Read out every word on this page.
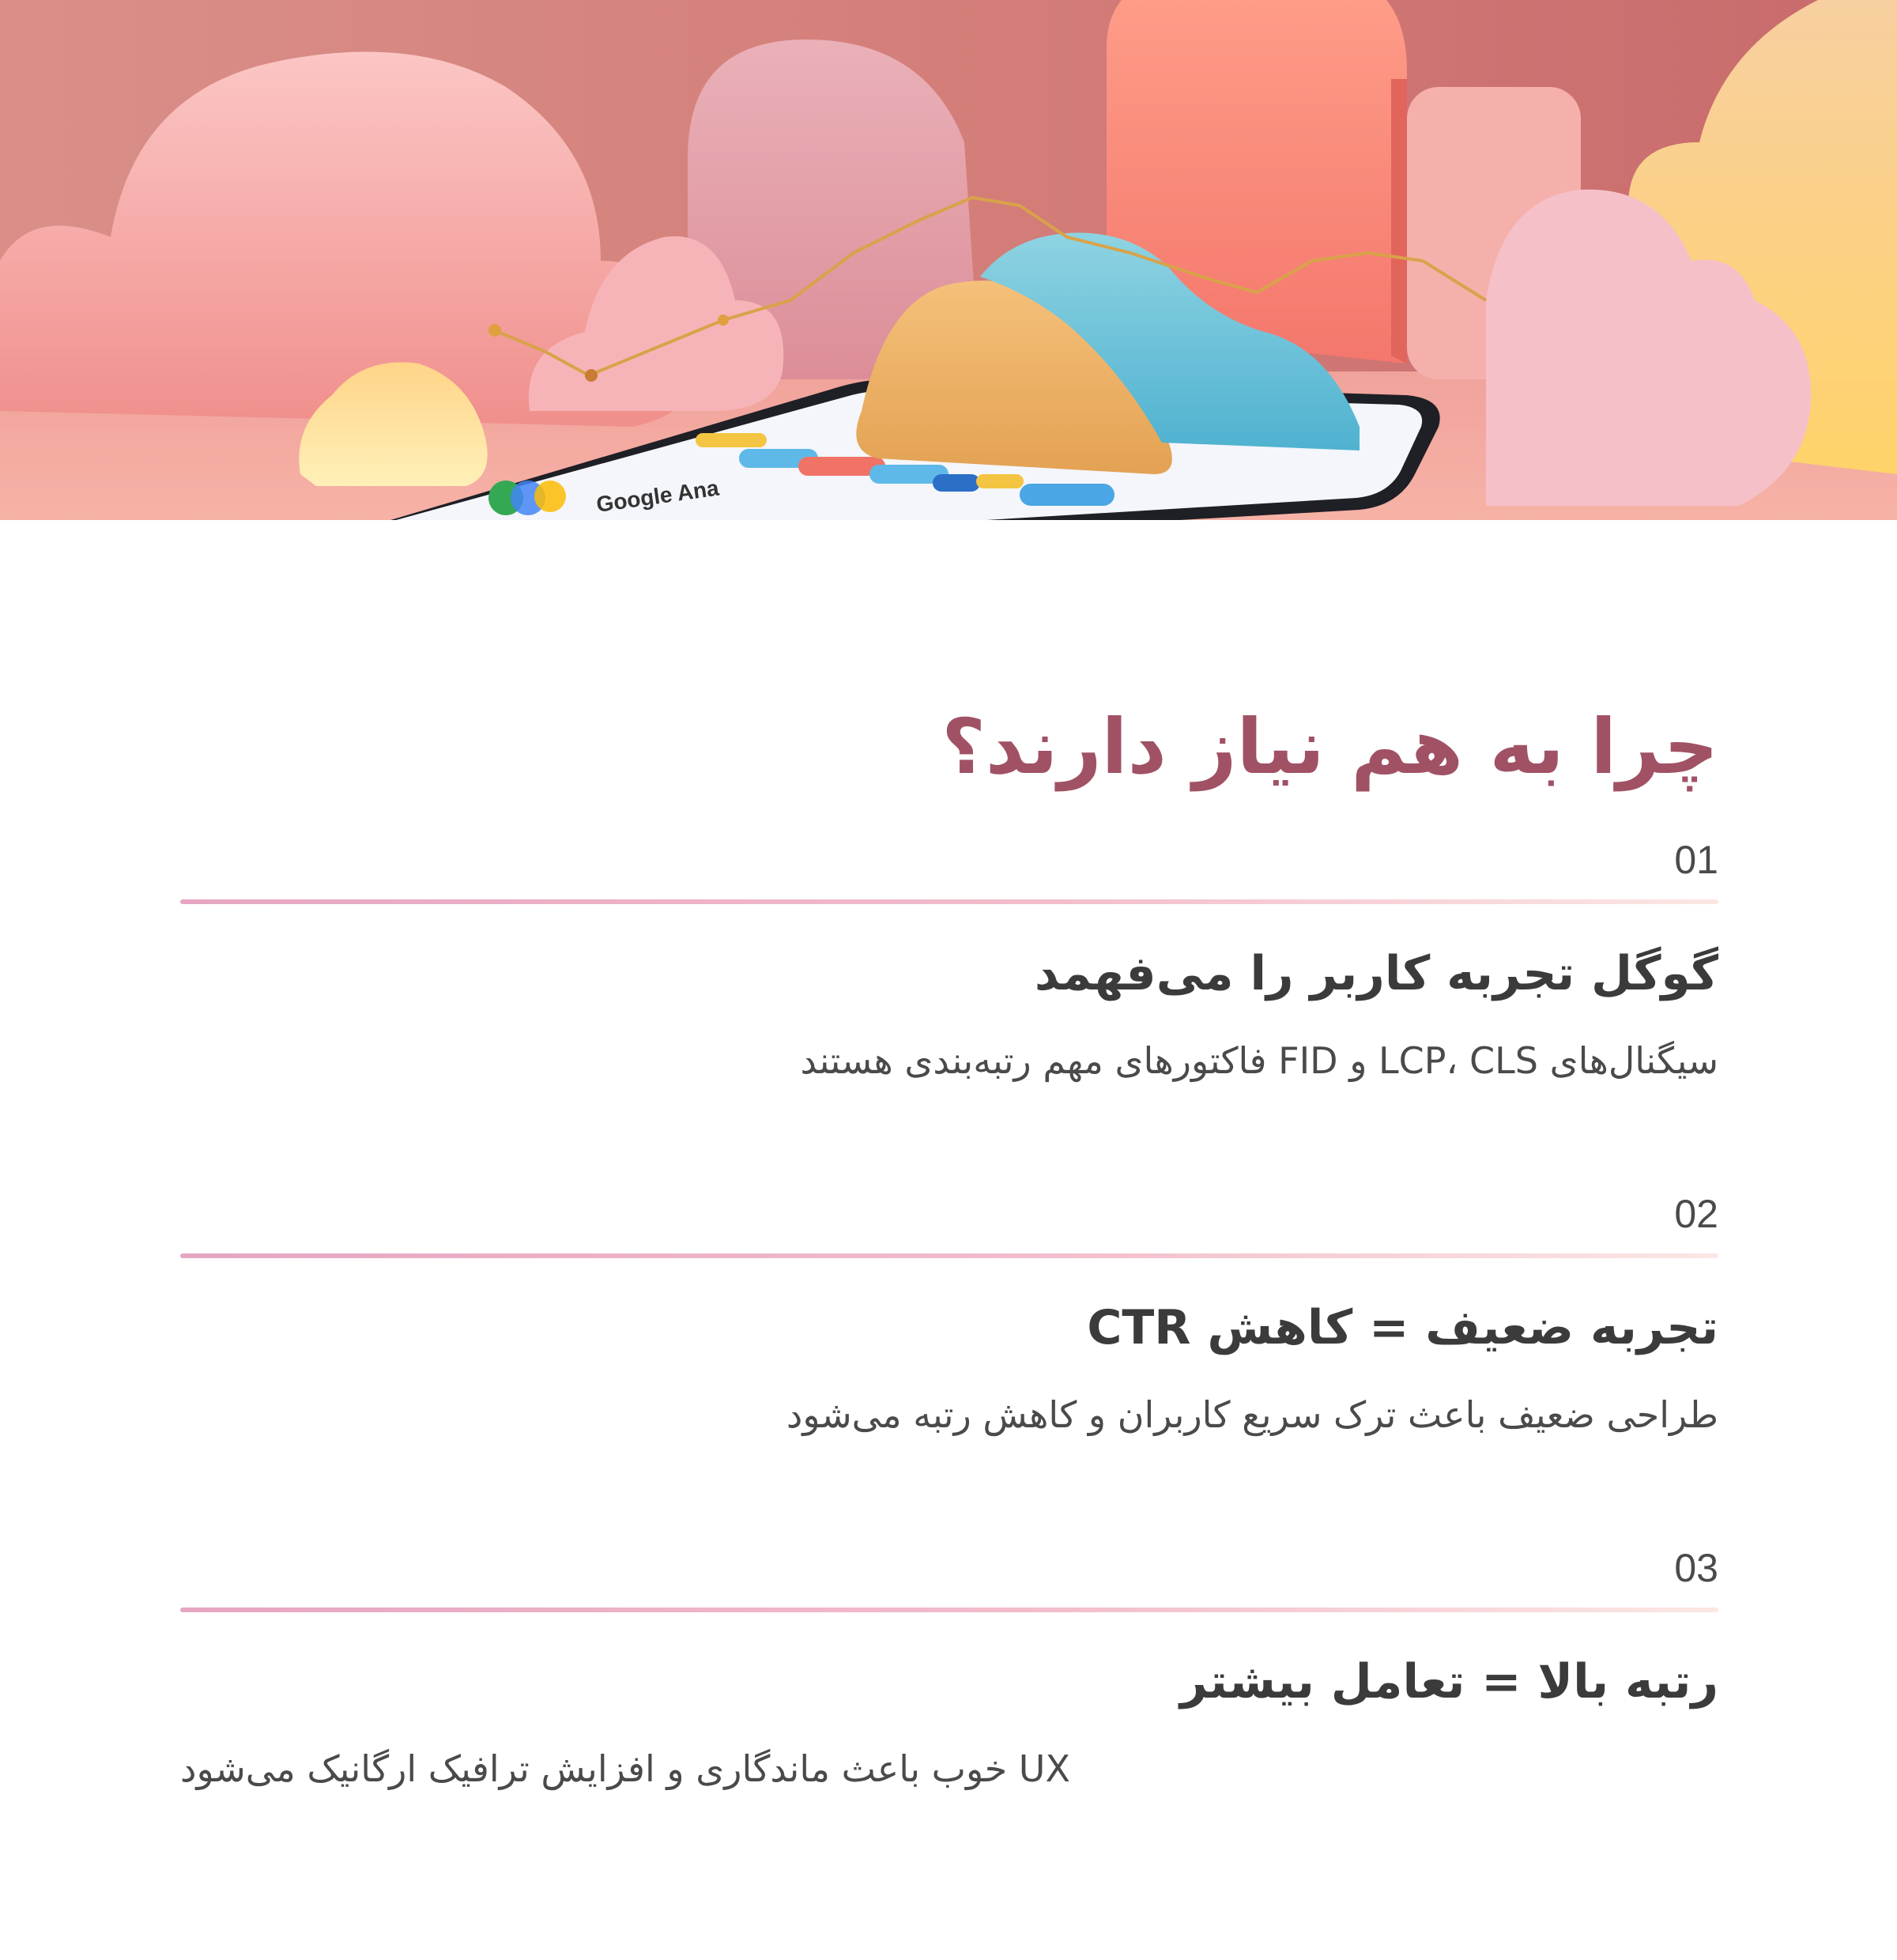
Google Ana
چرا به هم نیاز دارند؟
01
گوگل تجربه کاربر را می‌فهمد
سیگنال‌های LCP، CLS و FID فاکتورهای مهم رتبه‌بندی هستند
02
تجربه ضعیف = کاهش CTR
طراحی ضعیف باعث ترک سریع کاربران و کاهش رتبه می‌شود
03
رتبه بالا = تعامل بیشتر
UX خوب باعث ماندگاری و افزایش ترافیک ارگانیک می‌شود
